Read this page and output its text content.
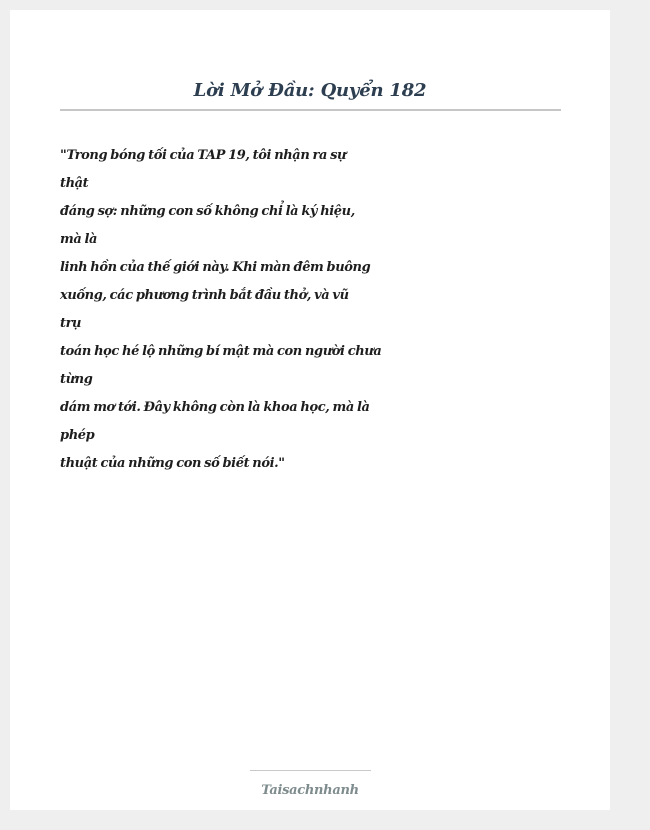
Lời Mở Đầu: Quyển 182
"Trong bóng tối của TAP 19, tôi nhận ra sự
thật
đáng sợ: những con số không chỉ là ký hiệu,
mà là
linh hồn của thế giới này. Khi màn đêm buông
xuống, các phương trình bắt đầu thở, và vũ
trụ
toán học hé lộ những bí mật mà con người chưa
từng
dám mơ tới. Đây không còn là khoa học, mà là
phép
thuật của những con số biết nói."
Taisachnhanh
